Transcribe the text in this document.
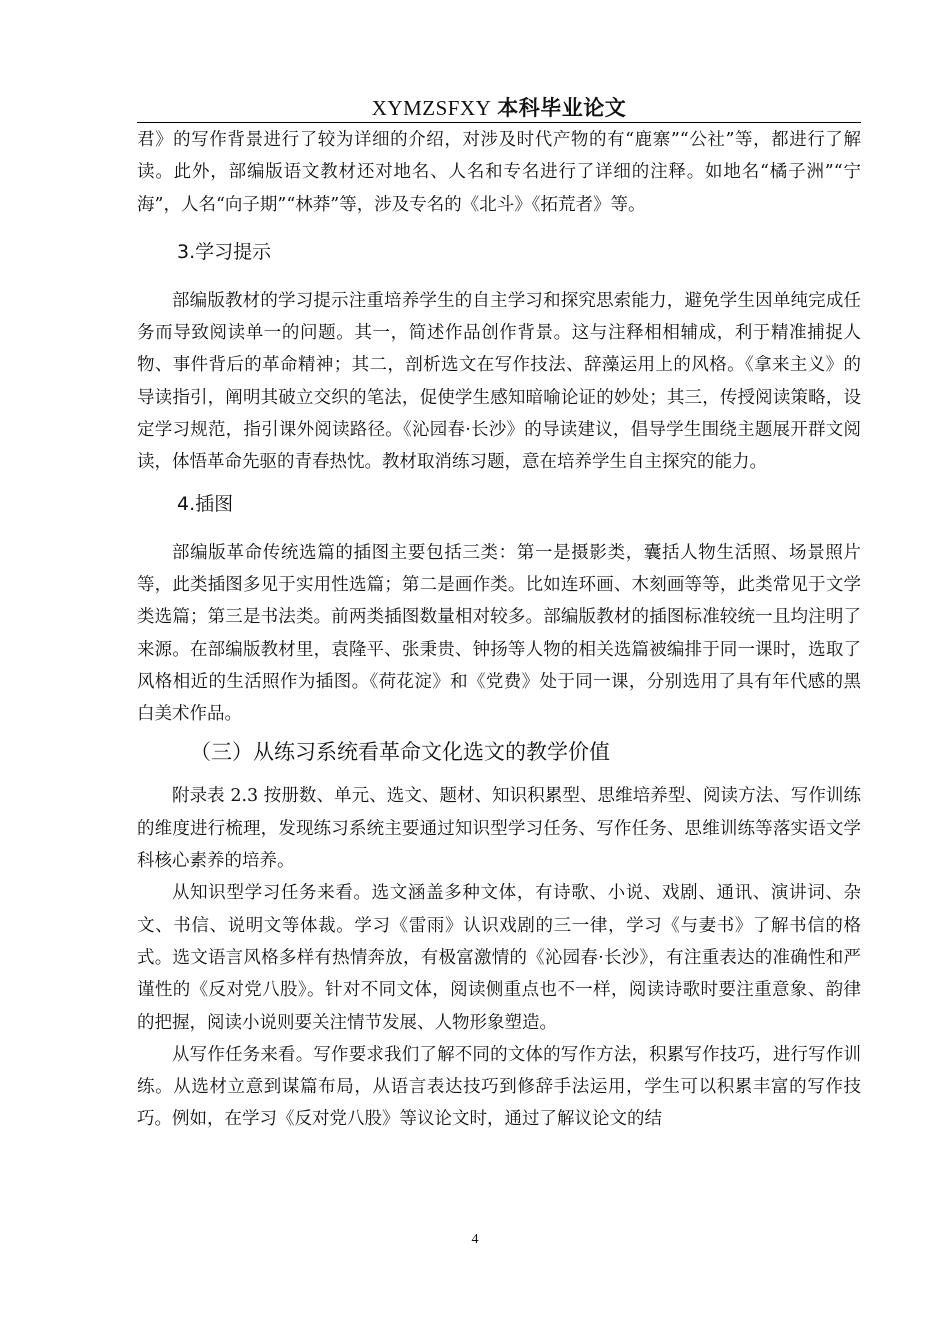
XYMZSFXY 本科毕业论文

君》的写作背景进行了较为详细的介绍，对涉及时代产物的有“鹿寨”“公社”等，都进行了解读。此外，部编版语文教材还对地名、人名和专名进行了详细的注释。如地名“橘子洲”“宁海”，人名“向子期”“林莽”等，涉及专名的《北斗》《拓荒者》等。

3.学习提示

部编版教材的学习提示注重培养学生的自主学习和探究思索能力，避免学生因单纯完成任务而导致阅读单一的问题。其一，简述作品创作背景。这与注释相相辅成，利于精准捕捉人物、事件背后的革命精神；其二，剖析选文在写作技法、辞藻运用上的风格。《拿来主义》的导读指引，阐明其破立交织的笔法，促使学生感知暗喻论证的妙处；其三，传授阅读策略，设定学习规范，指引课外阅读路径。《沁园春·长沙》的导读建议，倡导学生围绕主题展开群文阅读，体悟革命先驱的青春热忱。教材取消练习题，意在培养学生自主探究的能力。

4.插图

部编版革命传统选篇的插图主要包括三类：第一是摄影类，囊括人物生活照、场景照片等，此类插图多见于实用性选篇；第二是画作类。比如连环画、木刻画等等，此类常见于文学类选篇；第三是书法类。前两类插图数量相对较多。部编版教材的插图标准较统一且均注明了来源。在部编版教材里，袁隆平、张秉贵、钟扬等人物的相关选篇被编排于同一课时，选取了风格相近的生活照作为插图。《荷花淀》和《党费》处于同一课，分别选用了具有年代感的黑白美术作品。

（三）从练习系统看革命文化选文的教学价值

附录表 2.3 按册数、单元、选文、题材、知识积累型、思维培养型、阅读方法、写作训练的维度进行梳理，发现练习系统主要通过知识型学习任务、写作任务、思维训练等落实语文学科核心素养的培养。

从知识型学习任务来看。选文涵盖多种文体，有诗歌、小说、戏剧、通讯、演讲词、杂文、书信、说明文等体裁。学习《雷雨》认识戏剧的三一律，学习《与妻书》了解书信的格式。选文语言风格多样有热情奔放，有极富激情的《沁园春·长沙》，有注重表达的准确性和严谨性的《反对党八股》。针对不同文体，阅读侧重点也不一样，阅读诗歌时要注重意象、韵律的把握，阅读小说则要关注情节发展、人物形象塑造。

从写作任务来看。写作要求我们了解不同的文体的写作方法，积累写作技巧，进行写作训练。从选材立意到谋篇布局，从语言表达技巧到修辞手法运用，学生可以积累丰富的写作技巧。例如，在学习《反对党八股》等议论文时，通过了解议论文的结

4
